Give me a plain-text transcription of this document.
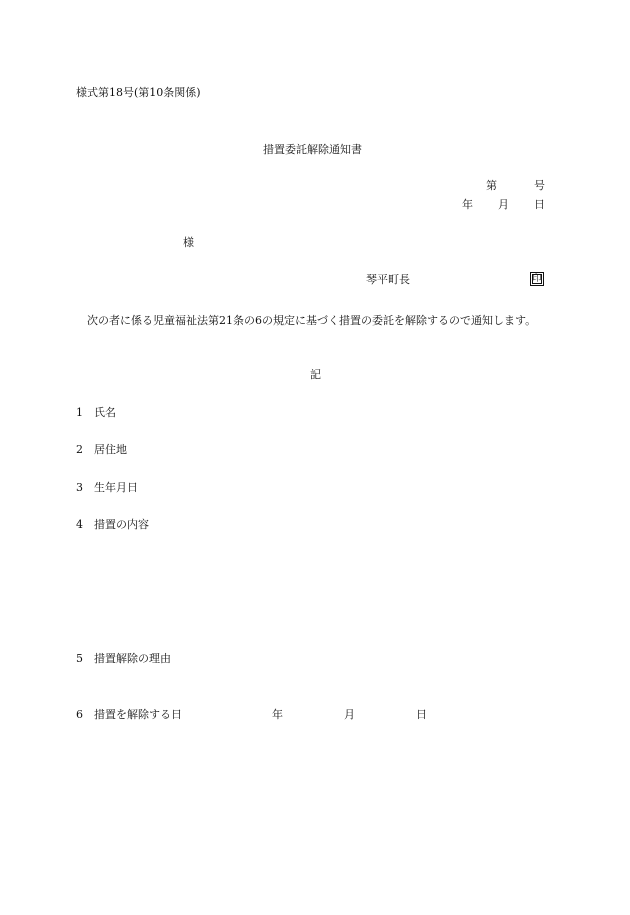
様式第18号(第10条関係)
措置委託解除通知書
第	号
年 月 日
様
琴平町長	印
次の者に係る児童福祉法第21条の6の規定に基づく措置の委託を解除するので通知します。
記
1 氏名
2 居住地
3 生年月日
4 措置の内容
5 措置解除の理由
6 措置を解除する日	年	月	日
